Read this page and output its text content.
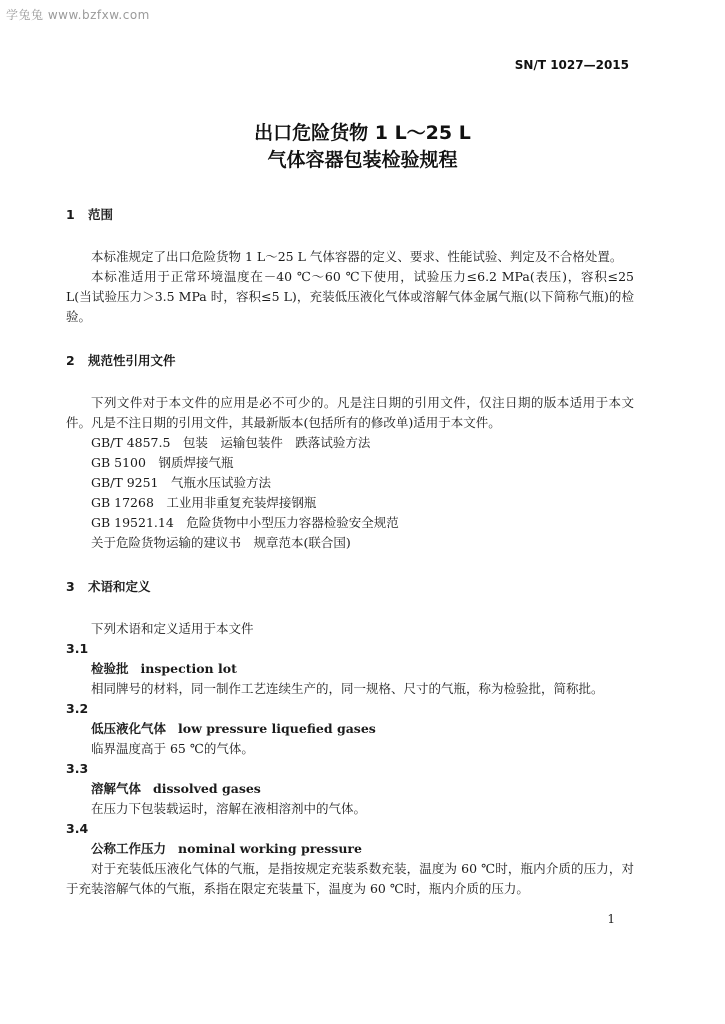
学兔兔 www.bzfxw.com
SN/T 1027—2015
出口危险货物 1 L～25 L
气体容器包装检验规程

1 范围

本标准规定了出口危险货物 1 L～25 L 气体容器的定义、要求、性能试验、判定及不合格处置。

本标准适用于正常环境温度在－40 ℃～60 ℃下使用，试验压力≤6.2 MPa(表压)，容积≤25 L(当试验压力＞3.5 MPa 时，容积≤5 L)，充装低压液化气体或溶解气体金属气瓶(以下简称气瓶)的检验。

2 规范性引用文件

下列文件对于本文件的应用是必不可少的。凡是注日期的引用文件，仅注日期的版本适用于本文件。凡是不注日期的引用文件，其最新版本(包括所有的修改单)适用于本文件。

GB/T 4857.5　包装　运输包装件　跌落试验方法

GB 5100　钢质焊接气瓶

GB/T 9251　气瓶水压试验方法

GB 17268　工业用非重复充装焊接钢瓶

GB 19521.14　危险货物中小型压力容器检验安全规范

关于危险货物运输的建议书　规章范本(联合国)

3 术语和定义

下列术语和定义适用于本文件

3.1

检验批 inspection lot

相同牌号的材料，同一制作工艺连续生产的，同一规格、尺寸的气瓶，称为检验批，简称批。

3.2

低压液化气体 low pressure liquefied gases

临界温度高于 65 ℃的气体。

3.3

溶解气体 dissolved gases

在压力下包装载运时，溶解在液相溶剂中的气体。

3.4

公称工作压力 nominal working pressure

对于充装低压液化气体的气瓶，是指按规定充装系数充装，温度为 60 ℃时，瓶内介质的压力，对于充装溶解气体的气瓶，系指在限定充装量下，温度为 60 ℃时，瓶内介质的压力。

1
